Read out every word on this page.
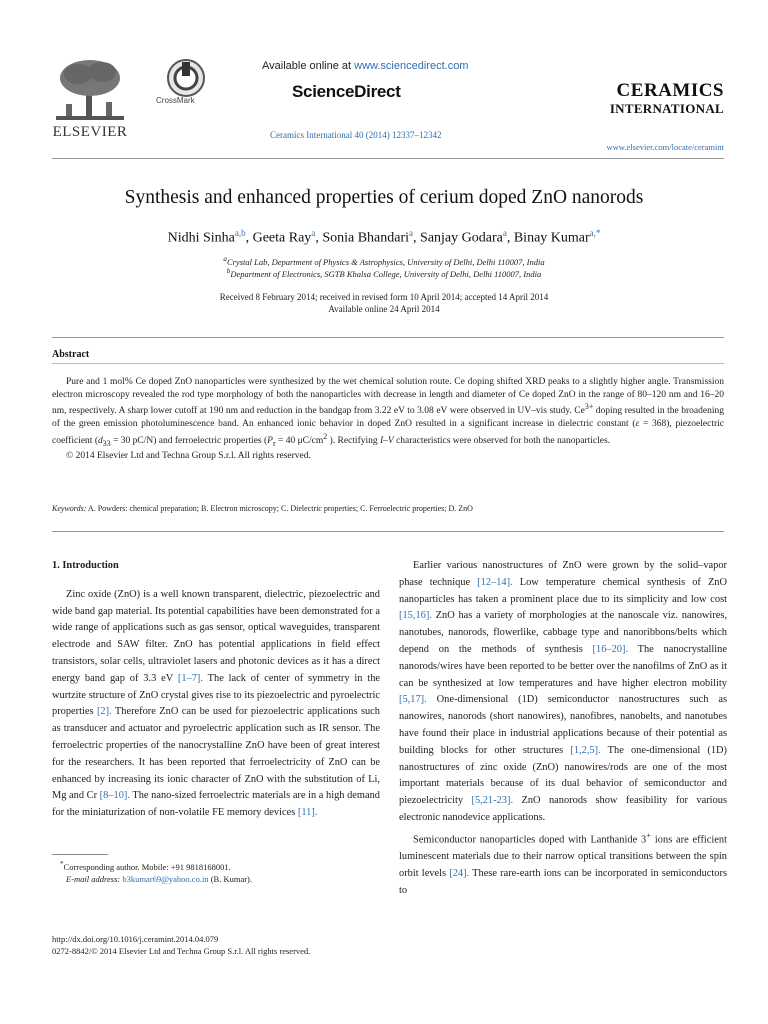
ELSEVIER
CrossMark
Available online at www.sciencedirect.com
ScienceDirect
Ceramics International 40 (2014) 12337–12342
CERAMICS
INTERNATIONAL
www.elsevier.com/locate/ceramint
Synthesis and enhanced properties of cerium doped ZnO nanorods
Nidhi Sinha$^{a,b}$, Geeta Ray$^a$, Sonia Bhandari$^a$, Sanjay Godara$^a$, Binay Kumar$^{a,*}$
$^a$Crystal Lab, Department of Physics & Astrophysics, University of Delhi, Delhi 110007, India
$^b$Department of Electronics, SGTB Khalsa College, University of Delhi, Delhi 110007, India
Received 8 February 2014; received in revised form 10 April 2014; accepted 14 April 2014
Available online 24 April 2014
Abstract
Pure and 1 mol% Ce doped ZnO nanoparticles were synthesized by the wet chemical solution route. Ce doping shifted XRD peaks to a slightly higher angle. Transmission electron microscopy revealed the rod type morphology of both the nanoparticles with decrease in length and diameter of Ce doped ZnO in the range of 80–120 nm and 16–20 nm, respectively. A sharp lower cutoff at 190 nm and reduction in the bandgap from 3.22 eV to 3.08 eV were observed in UV–vis study. $Ce^{3+}$ doping resulted in the broadening of the green emission photoluminescence band. An enhanced ionic behavior in doped ZnO resulted in a significant increase in dielectric constant (ε = 368), piezoelectric coefficient ($d_{33} = 30$ pC/N) and ferroelectric properties ($P_r = 40$ $\mu C/cm^2$ ). Rectifying I–V characteristics were observed for both the nanoparticles.
© 2014 Elsevier Ltd and Techna Group S.r.l. All rights reserved.
Keywords: A. Powders: chemical preparation; B. Electron microscopy; C. Dielectric properties; C. Ferroelectric properties; D. ZnO

1. Introduction

Zinc oxide (ZnO) is a well known transparent, dielectric, piezoelectric and wide band gap material. Its potential capabilities have been demonstrated for a wide range of applications such as gas sensor, optical waveguides, transparent electrode and SAW filter. ZnO has potential applications in field effect transistors, solar cells, ultraviolet lasers and photonic devices as it has a direct energy band gap of 3.3 eV [1–7]. The lack of center of symmetry in the wurtzite structure of ZnO crystal gives rise to its piezoelectric and pyroelectric properties [2]. Therefore ZnO can be used for piezoelectric applications such as transducer and actuator and pyroelectric application such as IR sensor. The ferroelectric properties of the nanocrystalline ZnO have been of great interest for the researchers. It has been reported that ferroelectricity of ZnO can be enhanced by increasing its ionic character of ZnO with the substitution of Li, Mg and Cr [8–10]. The nano-sized ferroelectric materials are in a high demand for the miniaturization of non-volatile FE memory devices [11].

*Corresponding author. Mobile: +91 9818168001.
E-mail address: b3kumar69@yahoo.co.in (B. Kumar).
http://dx.doi.org/10.1016/j.ceramint.2014.04.079
0272-8842/© 2014 Elsevier Ltd and Techna Group S.r.l. All rights reserved.

Earlier various nanostructures of ZnO were grown by the solid–vapor phase technique [12–14]. Low temperature chemical synthesis of ZnO nanoparticles has taken a prominent place due to its simplicity and low cost [15,16]. ZnO has a variety of morphologies at the nanoscale viz. nanowires, nanotubes, nanorods, flowerlike, cabbage type and nanoribbons/belts which depend on the methods of synthesis [16–20]. The nanocrystalline nanorods/wires have been reported to be better over the nanofilms of ZnO as it can be synthesized at low temperatures and have higher electron mobility [5,17]. One-dimensional (1D) semiconductor nanostructures such as nanowires, nanorods (short nanowires), nanofibres, nanobelts, and nanotubes have found their place in industrial applications because of their potential as building blocks for other structures [1,2,5]. The one-dimensional (1D) nanostructures of zinc oxide (ZnO) nanowires/rods are one of the most important materials because of its dual behavior of semiconductor and piezoelectricity [5,21-23]. ZnO nanorods show feasibility for various electronic nanodevice applications.

Semiconductor nanoparticles doped with Lanthanide 3+ ions are efficient luminescent materials due to their narrow optical transitions between the spin orbit levels [24]. These rare-earth ions can be incorporated in semiconductors to
